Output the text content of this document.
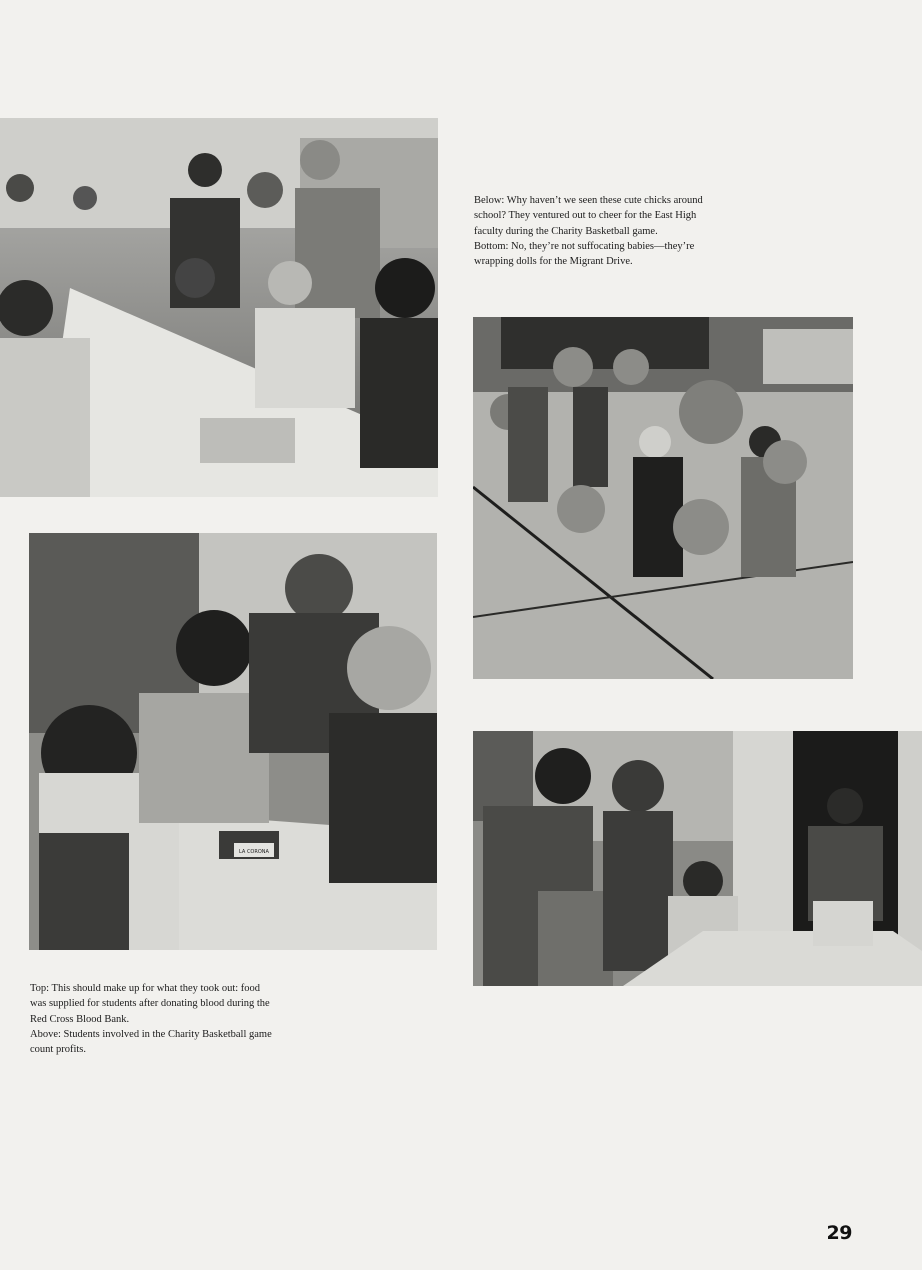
LA CORONA

Below: Why haven’t we seen these cute chicks around school? They ventured out to cheer for the East High faculty during the Charity Basketball game.

Bottom: No, they’re not suffocating babies—they’re wrapping dolls for the Migrant Drive.

Top: This should make up for what they took out: food was supplied for students after donating blood during the Red Cross Blood Bank.

Above: Students involved in the Charity Basketball game count profits.

29
